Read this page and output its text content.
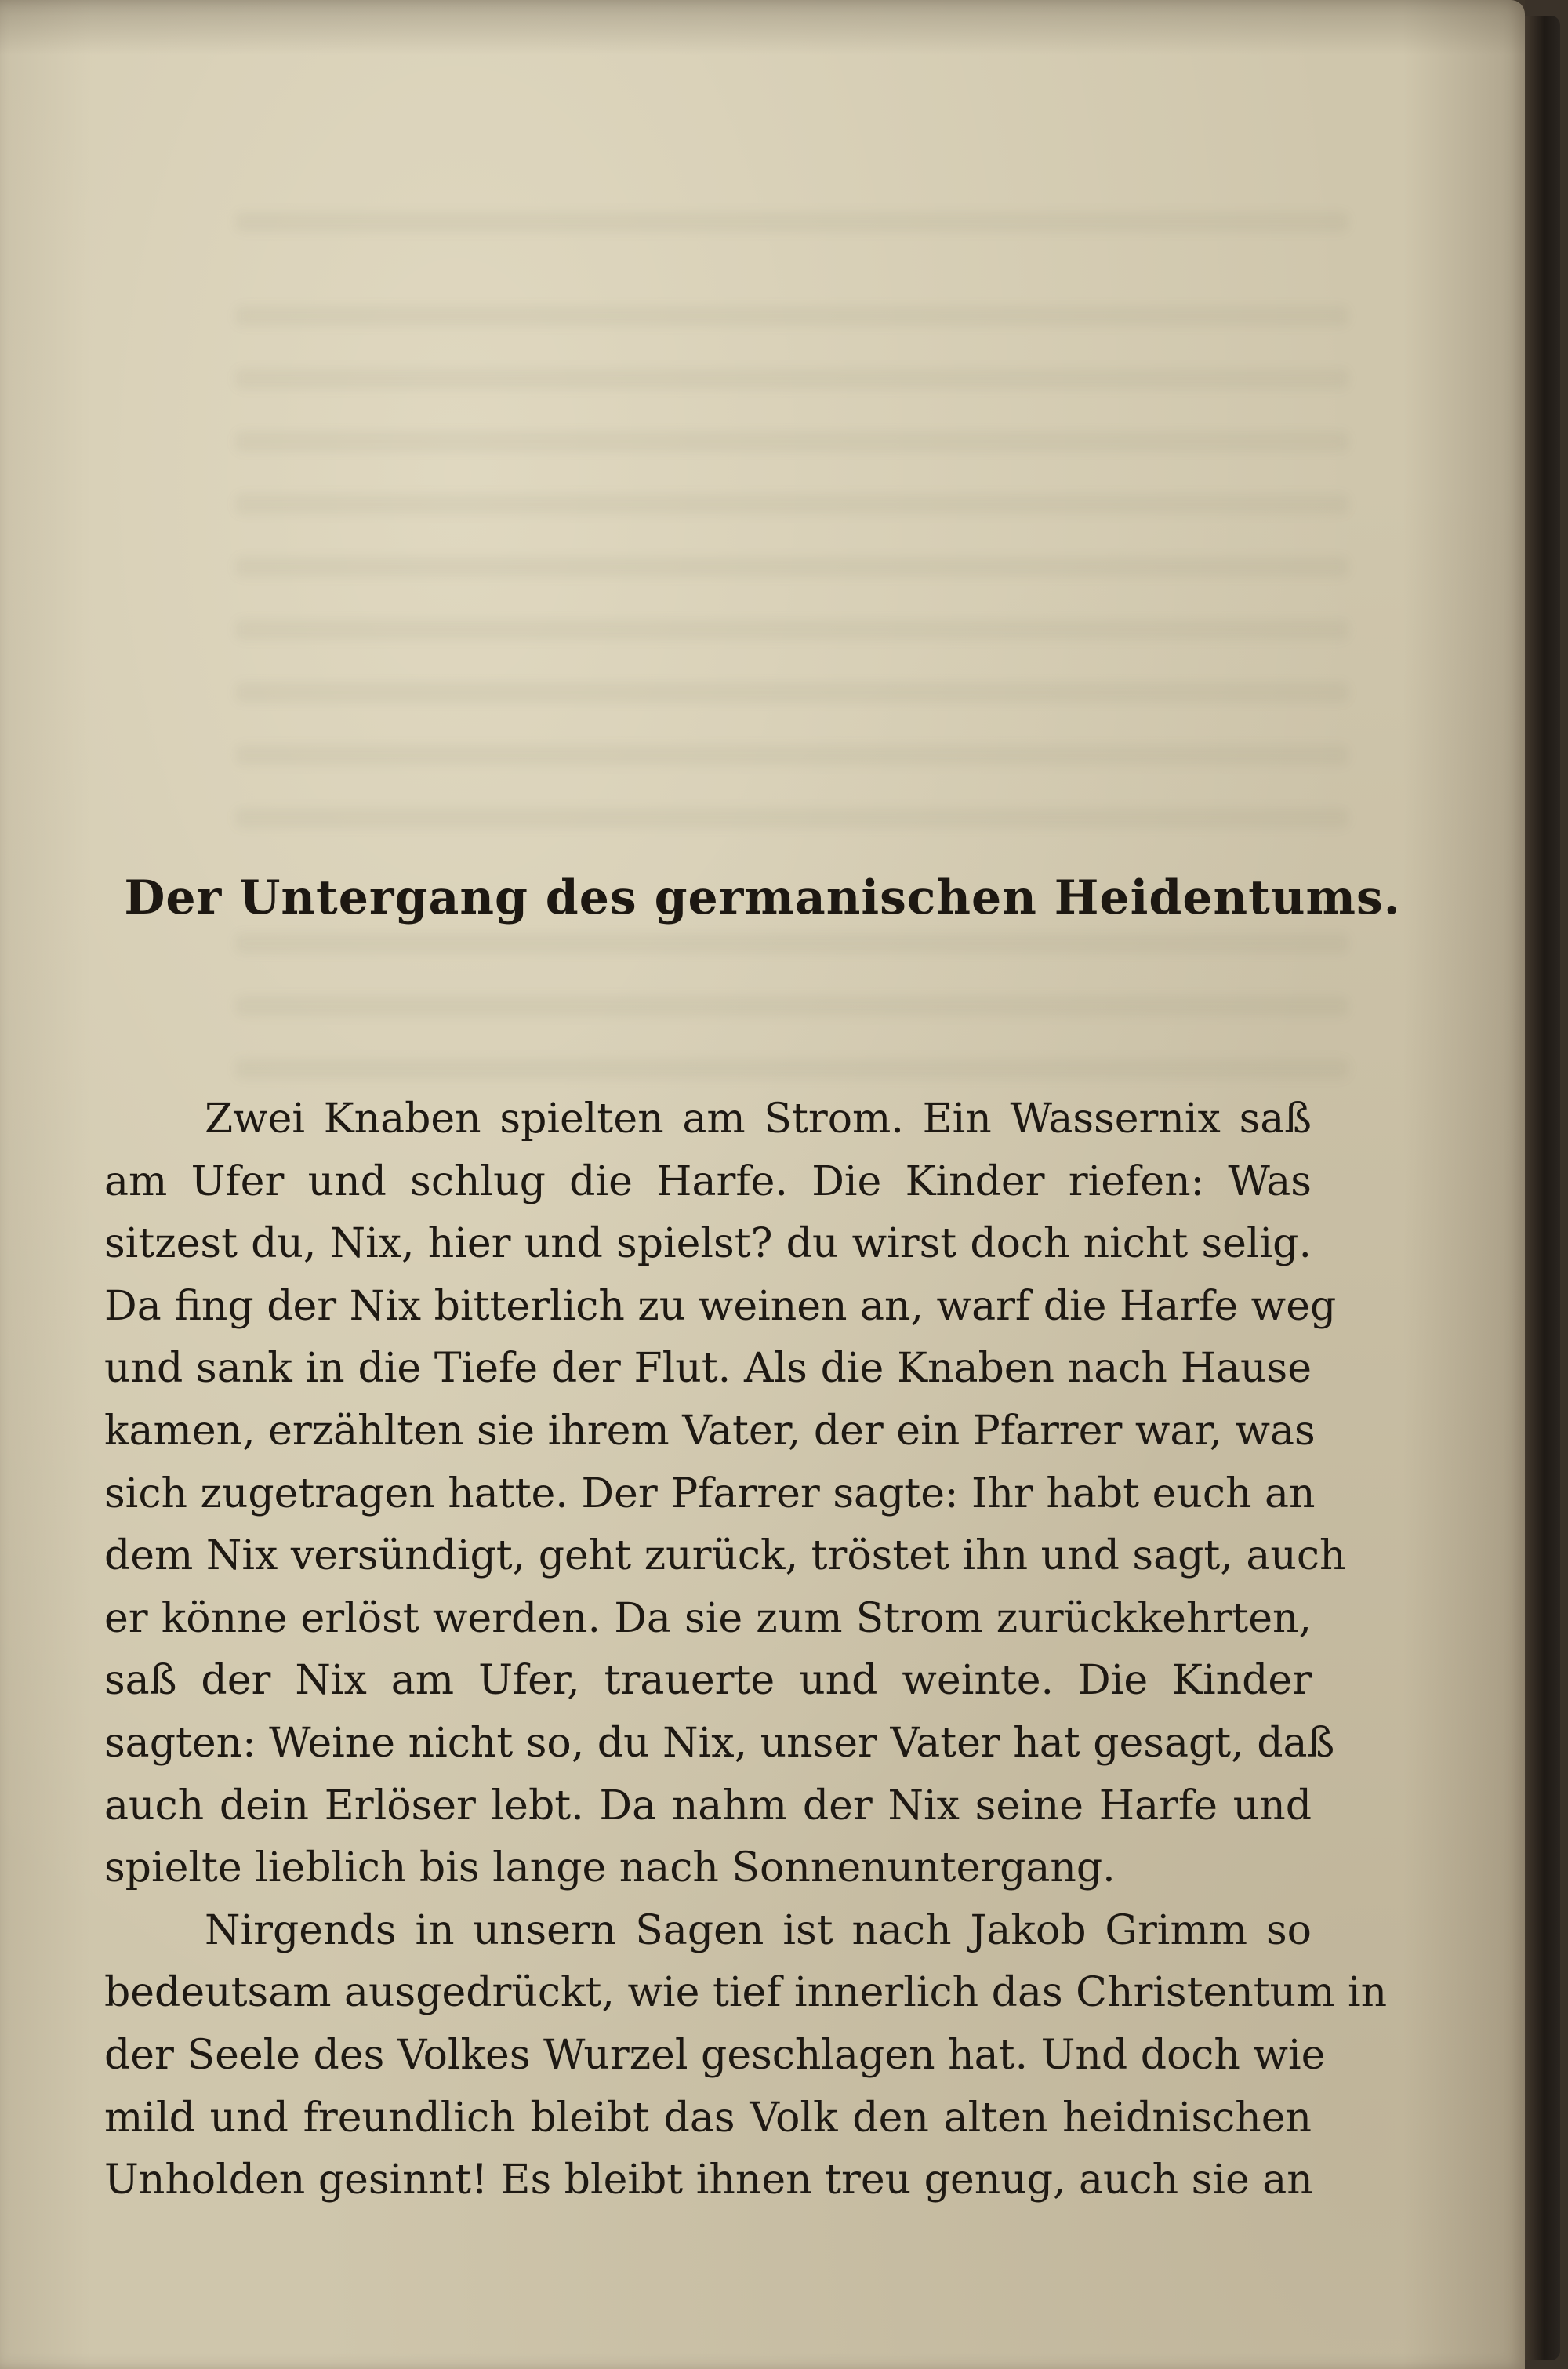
Der Untergang des germanischen Heidentums.
Zwei Knaben spielten am Strom. Ein Wassernix saß
am Ufer und schlug die Harfe. Die Kinder riefen: Was
sitzest du, Nix, hier und spielst? du wirst doch nicht selig.
Da fing der Nix bitterlich zu weinen an, warf die Harfe weg
und sank in die Tiefe der Flut. Als die Knaben nach Hause
kamen, erzählten sie ihrem Vater, der ein Pfarrer war, was
sich zugetragen hatte. Der Pfarrer sagte: Ihr habt euch an
dem Nix versündigt, geht zurück, tröstet ihn und sagt, auch
er könne erlöst werden. Da sie zum Strom zurückkehrten,
saß der Nix am Ufer, trauerte und weinte. Die Kinder
sagten: Weine nicht so, du Nix, unser Vater hat gesagt, daß
auch dein Erlöser lebt. Da nahm der Nix seine Harfe und
spielte lieblich bis lange nach Sonnenuntergang.
Nirgends in unsern Sagen ist nach Jakob Grimm so
bedeutsam ausgedrückt, wie tief innerlich das Christentum in
der Seele des Volkes Wurzel geschlagen hat. Und doch wie
mild und freundlich bleibt das Volk den alten heidnischen
Unholden gesinnt! Es bleibt ihnen treu genug, auch sie an
